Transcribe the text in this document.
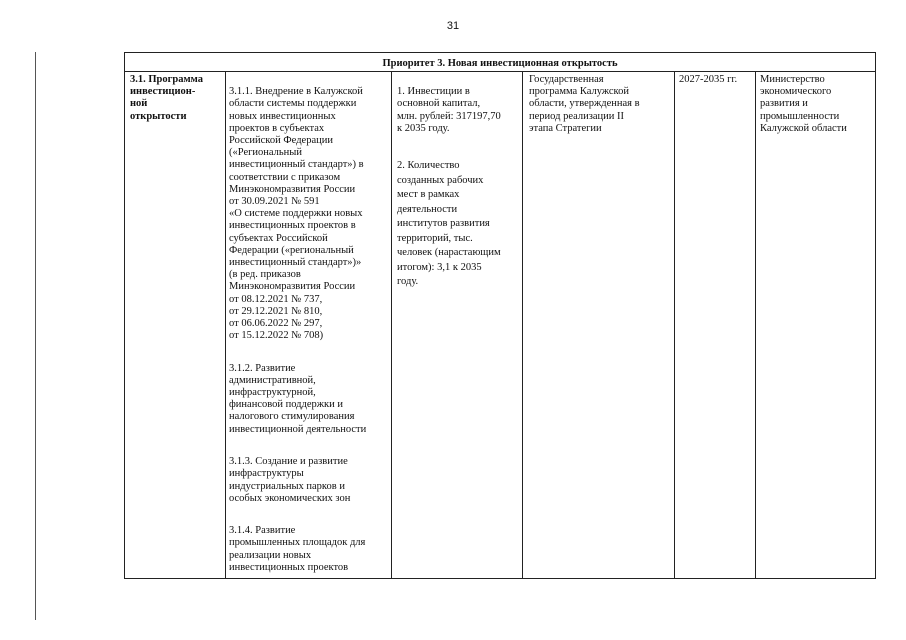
31
Приоритет 3. Новая инвестиционная открытость
3.1. Программа
инвестицион-
ной
открытости

3.1.1. Внедрение в Калужской
области системы поддержки
новых инвестиционных
проектов в субъектах
Российской Федерации
(«Региональный
инвестиционный стандарт») в
соответствии с приказом
Минэкономразвития России
от 30.09.2021 № 591
«О системе поддержки новых
инвестиционных проектов в
субъектах Российской
Федерации («региональный
инвестиционный стандарт»)»
(в ред. приказов
Минэкономразвития России
от 08.12.2021 № 737,
от 29.12.2021 № 810,
от 06.06.2022 № 297,
от 15.12.2022 № 708)

3.1.2. Развитие
административной,
инфраструктурной,
финансовой поддержки и
налогового стимулирования
инвестиционной деятельности

3.1.3. Создание и развитие
инфраструктуры
индустриальных парков и
особых экономических зон

3.1.4. Развитие
промышленных площадок для
реализации новых
инвестиционных проектов

1. Инвестиции в
основной капитал,
млн. рублей: 317197,70
к 2035 году.

2. Количество
созданных рабочих
мест в рамках
деятельности
институтов развития
территорий, тыс.
человек (нарастающим
итогом): 3,1 к 2035
году.

Государственная
программа Калужской
области, утвержденная в
период реализации II
этапа Стратегии
2027-2035 гг.	Министерство
экономического
развития и
промышленности
Калужской области
